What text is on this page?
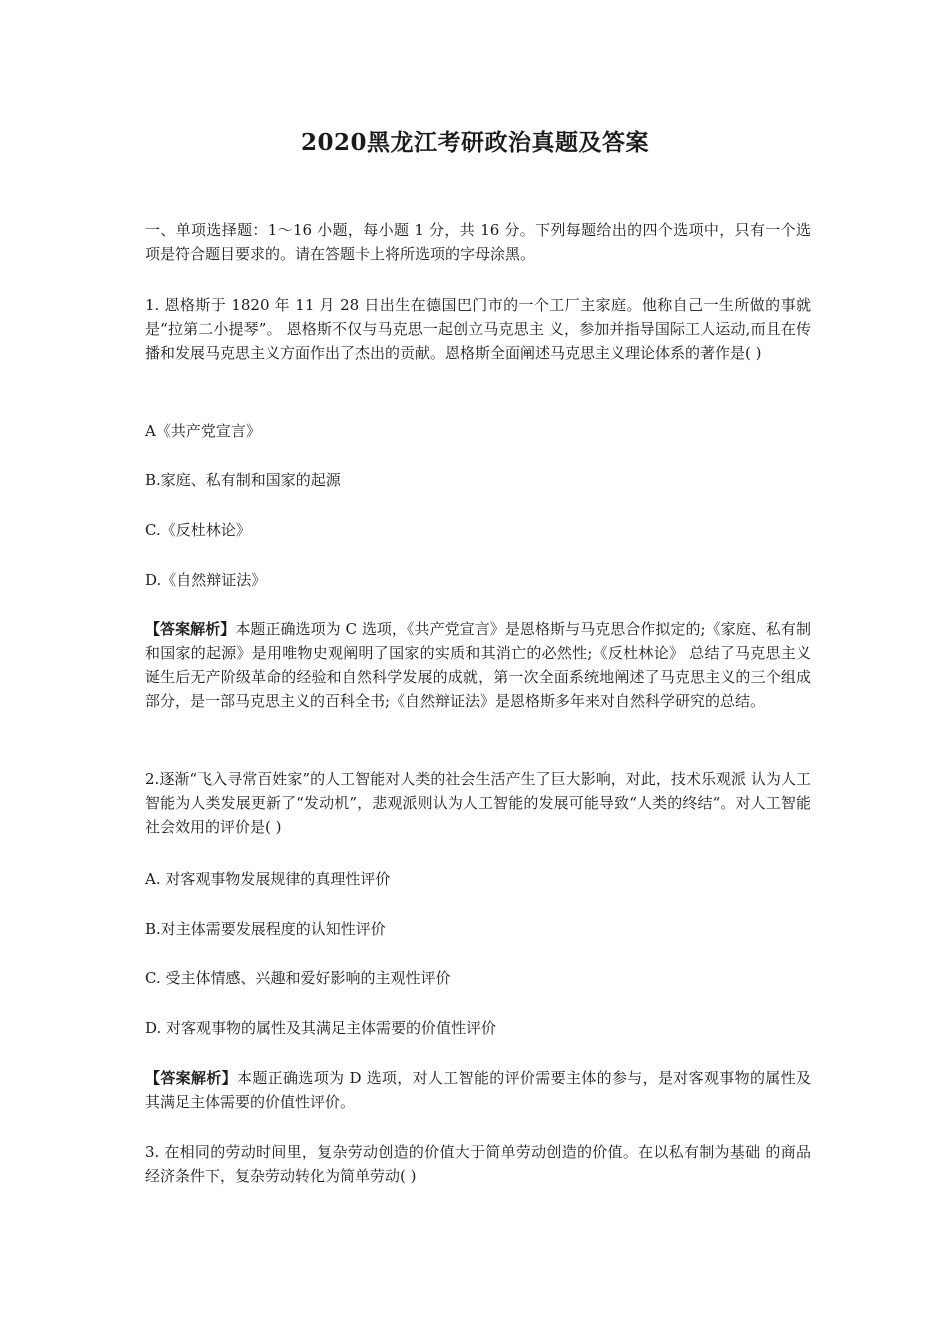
2020黑龙江考研政治真题及答案
一、单项选择题：1～16 小题，每小题 1 分，共 16 分。下列每题给出的四个选项中，只有一个选项是符合题目要求的。请在答题卡上将所选项的字母涂黑。
1. 恩格斯于 1820 年 11 月 28 日出生在德国巴门市的一个工厂主家庭。他称自己一生所做的事就是“拉第二小提琴”。 恩格斯不仅与马克思一起创立马克思主 义，参加并指导国际工人运动,而且在传播和发展马克思主义方面作出了杰出的贡献。恩格斯全面阐述马克思主义理论体系的著作是( )
A《共产党宣言》
B.家庭、私有制和国家的起源
C.《反杜林论》
D.《自然辩证法》
【答案解析】本题正确选项为 C 选项，《共产党宣言》是恩格斯与马克思合作拟定的;《家庭、私有制和国家的起源》是用唯物史观阐明了国家的实质和其消亡的必然性;《反杜林论》 总结了马克思主义诞生后无产阶级革命的经验和自然科学发展的成就，第一次全面系统地阐述了马克思主义的三个组成部分，是一部马克思主义的百科全书;《自然辩证法》是恩格斯多年来对自然科学研究的总结。
2.逐渐“飞入寻常百姓家”的人工智能对人类的社会生活产生了巨大影响，对此，技术乐观派 认为人工智能为人类发展更新了“发动机”，悲观派则认为人工智能的发展可能导致“人类的终结“。对人工智能社会效用的评价是( )
A. 对客观事物发展规律的真理性评价
B.对主体需要发展程度的认知性评价
C. 受主体情感、兴趣和爱好影响的主观性评价
D. 对客观事物的属性及其满足主体需要的价值性评价
【答案解析】本题正确选项为 D 选项，对人工智能的评价需要主体的参与，是对客观事物的属性及其满足主体需要的价值性评价。
3. 在相同的劳动时间里，复杂劳动创造的价值大于简单劳动创造的价值。在以私有制为基础 的商品经济条件下，复杂劳动转化为简单劳动( )
